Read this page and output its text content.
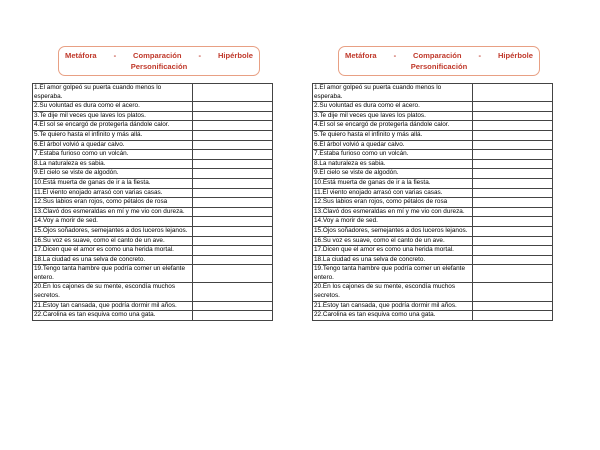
Metáfora - Comparación - Hipérbole
Personificación
1.El amor golpeó su puerta cuando menos lo esperaba.	
2.Su voluntad es dura como el acero.	
3.Te dije mil veces que laves los platos.	
4.El sol se encargó de protegerla dándole calor.	
5.Te quiero hasta el infinito y más allá.	
6.El árbol volvió a quedar calvo.	
7.Estaba furioso como un volcán.	
8.La naturaleza es sabia.	
9.El cielo se viste de algodón.	
10.Está muerta de ganas de ir a la fiesta.	
11.El viento enojado arrasó con varias casas.	
12.Sus labios eran rojos, como pétalos de rosa	
13.Clavó dos esmeraldas en mí y me vio con dureza.	
14.Voy a morir de sed.	
15.Ojos soñadores, semejantes a dos luceros lejanos.	
16.Su voz es suave, como el canto de un ave.	
17.Dicen que el amor es como una herida mortal.	
18.La ciudad es una selva de concreto.	
19.Tengo tanta hambre que podría comer un elefante entero.	
20.En los cajones de su mente, escondía muchos secretos.	
21.Estoy tan cansada, que podría dormir mil años.	
22.Carolina es tan esquiva como una gata.	
Metáfora - Comparación - Hipérbole
Personificación
1.El amor golpeó su puerta cuando menos lo esperaba.	
2.Su voluntad es dura como el acero.	
3.Te dije mil veces que laves los platos.	
4.El sol se encargó de protegerla dándole calor.	
5.Te quiero hasta el infinito y más allá.	
6.El árbol volvió a quedar calvo.	
7.Estaba furioso como un volcán.	
8.La naturaleza es sabia.	
9.El cielo se viste de algodón.	
10.Está muerta de ganas de ir a la fiesta.	
11.El viento enojado arrasó con varias casas.	
12.Sus labios eran rojos, como pétalos de rosa	
13.Clavó dos esmeraldas en mí y me vio con dureza.	
14.Voy a morir de sed.	
15.Ojos soñadores, semejantes a dos luceros lejanos.	
16.Su voz es suave, como el canto de un ave.	
17.Dicen que el amor es como una herida mortal.	
18.La ciudad es una selva de concreto.	
19.Tengo tanta hambre que podría comer un elefante entero.	
20.En los cajones de su mente, escondía muchos secretos.	
21.Estoy tan cansada, que podría dormir mil años.	
22.Carolina es tan esquiva como una gata.	
